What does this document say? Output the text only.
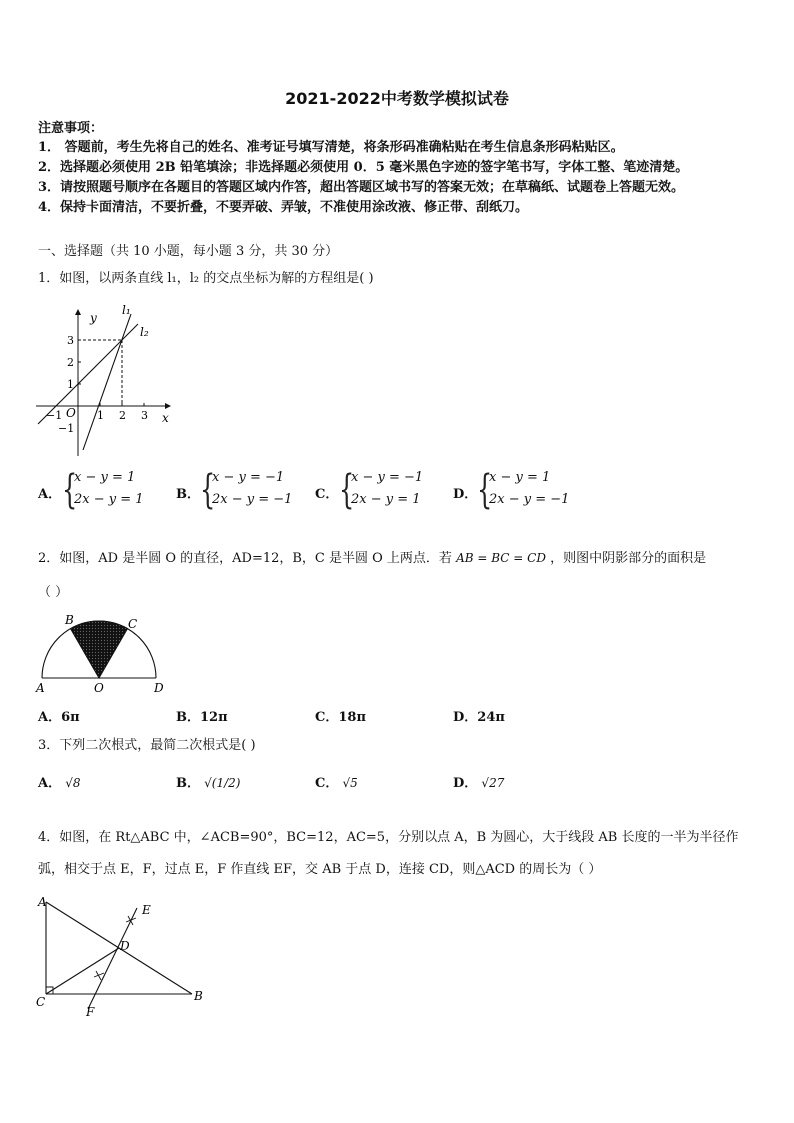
2021-2022中考数学模拟试卷
注意事项：
1． 答题前，考生先将自己的姓名、准考证号填写清楚，将条形码准确粘贴在考生信息条形码粘贴区。
2．选择题必须使用 2B 铅笔填涂；非选择题必须使用 0．5 毫米黑色字迹的签字笔书写，字体工整、笔迹清楚。
3．请按照题号顺序在各题目的答题区域内作答，超出答题区域书写的答案无效；在草稿纸、试题卷上答题无效。
4．保持卡面清洁，不要折叠，不要弄破、弄皱，不准使用涂改液、修正带、刮纸刀。
一、选择题（共 10 小题，每小题 3 分，共 30 分）
1．如图，以两条直线 l₁，l₂ 的交点坐标为解的方程组是( )
y
x
O
l₁
l₂
−1	1 2 3
−1
1
2
3
A． {
x − y = 1
2x − y = 1 B． {
x − y = −1
2x − y = −1 C． {
x − y = −1
2x − y = 1 D． {
x − y = 1
2x − y = −1
2．如图，AD 是半圆 O 的直径，AD=12，B，C 是半圆 O 上两点．若 AB = BC = CD ，则图中阴影部分的面积是
（ ）
A	O	D
B	C
A．6π	B．12π	C．18π	D．24π
3．下列二次根式，最简二次根式是( )
A． √8	B． √(1/2)	C． √5	D． √27
4．如图，在 Rt△ABC 中，∠ACB=90°，BC=12，AC=5，分别以点 A，B 为圆心，大于线段 AB 长度的一半为半径作
弧，相交于点 E，F，过点 E，F 作直线 EF，交 AB 于点 D，连接 CD，则△ACD 的周长为（ ）
A
C	B
D
E
F
